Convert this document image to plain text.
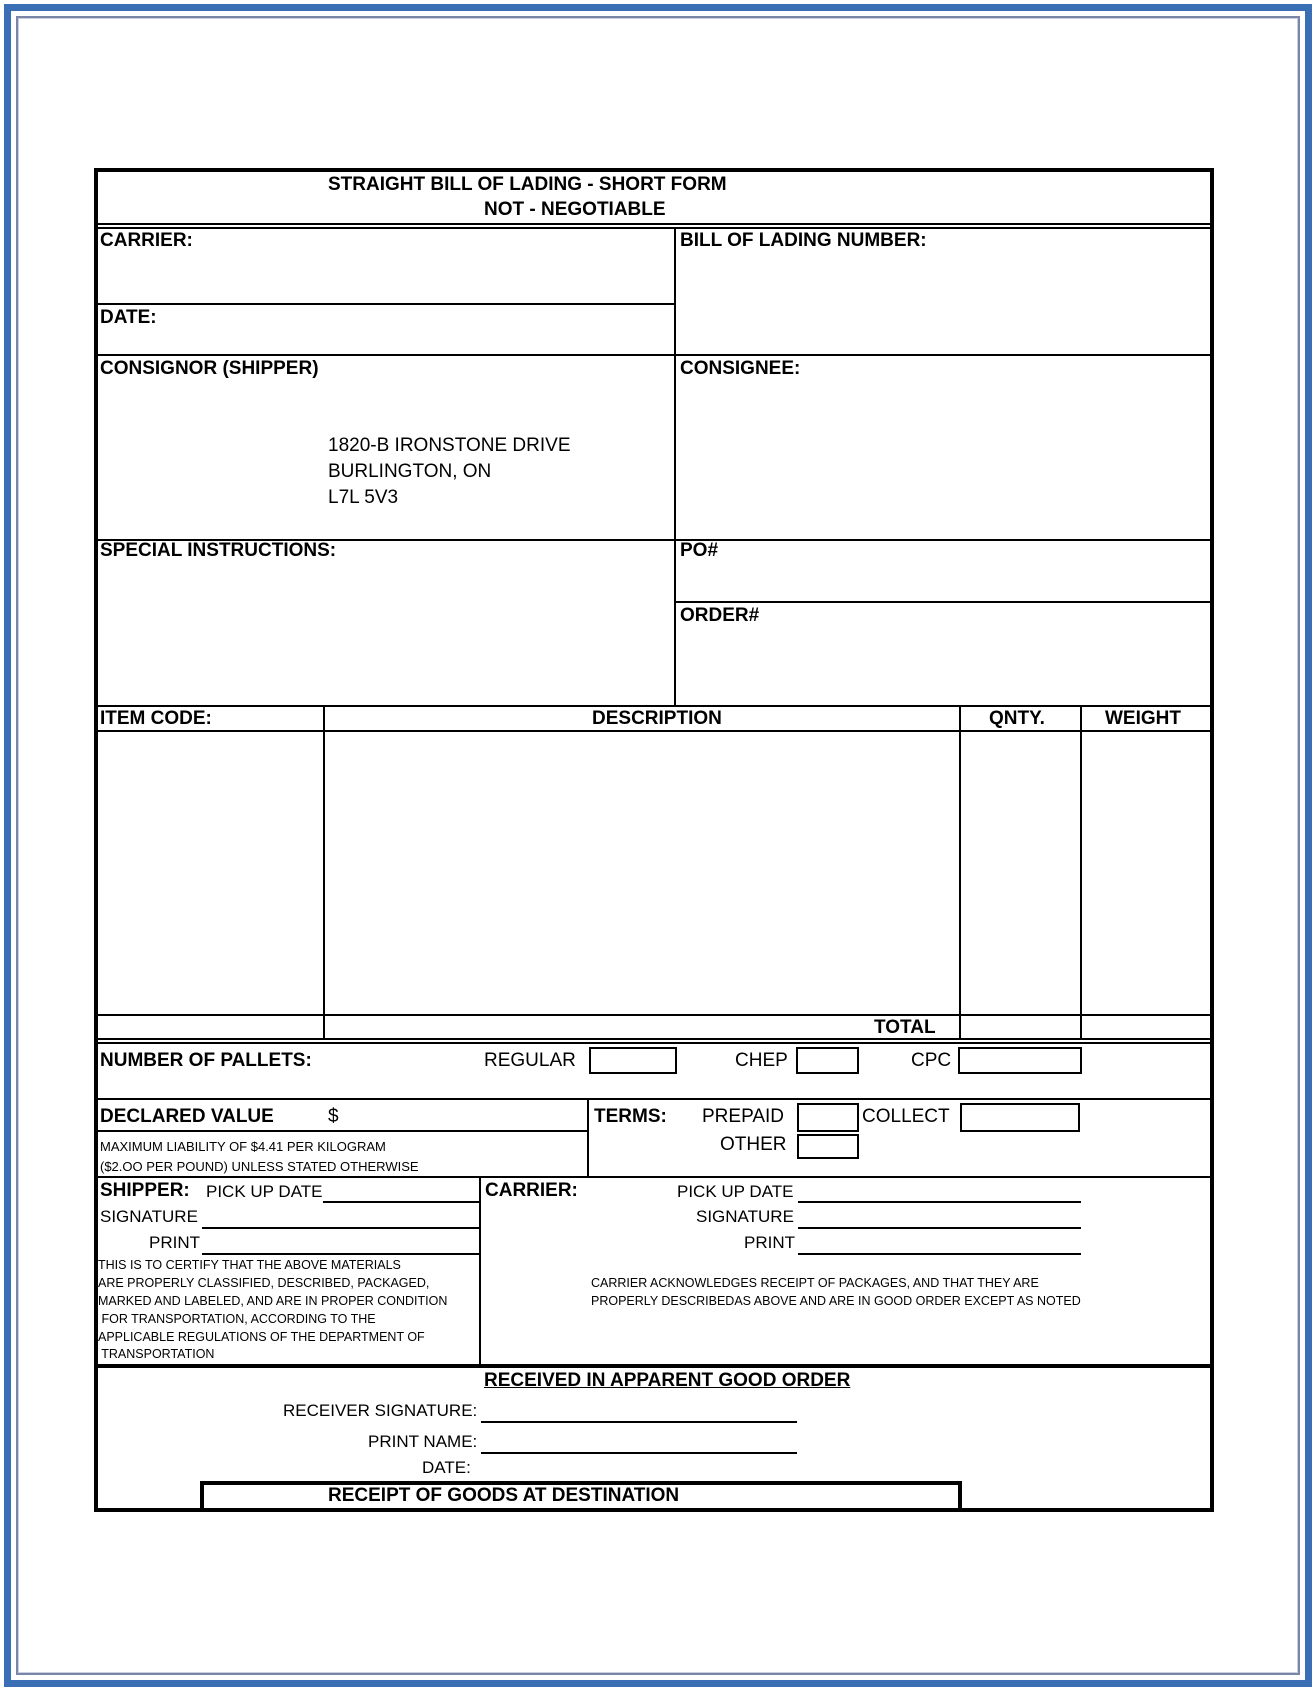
STRAIGHT BILL OF LADING - SHORT FORM
NOT - NEGOTIABLE
CARRIER:	BILL OF LADING NUMBER:
DATE:
CONSIGNOR (SHIPPER)
1820-B IRONSTONE DRIVE
BURLINGTON, ON
L7L 5V3
CONSIGNEE:
SPECIAL INSTRUCTIONS:	PO#
ORDER#
ITEM CODE:	DESCRIPTION	QNTY.	WEIGHT
TOTAL
NUMBER OF PALLETS:	REGULAR	CHEP	CPC
DECLARED VALUE	$
MAXIMUM LIABILITY OF $4.41 PER KILOGRAM
($2.OO PER POUND) UNLESS STATED OTHERWISE
TERMS: PREPAID	COLLECT
OTHER
SHIPPER: PICK UP DATE
SIGNATURE
PRINT
THIS IS TO CERTIFY THAT THE ABOVE MATERIALS
ARE PROPERLY CLASSIFIED, DESCRIBED, PACKAGED,
MARKED AND LABELED, AND ARE IN PROPER CONDITION
FOR TRANSPORTATION, ACCORDING TO THE
APPLICABLE REGULATIONS OF THE DEPARTMENT OF
TRANSPORTATION
CARRIER:	PICK UP DATE
SIGNATURE
PRINT
CARRIER ACKNOWLEDGES RECEIPT OF PACKAGES, AND THAT THEY ARE
PROPERLY DESCRIBEDAS ABOVE AND ARE IN GOOD ORDER EXCEPT AS NOTED
RECEIVED IN APPARENT GOOD ORDER
RECEIVER SIGNATURE:
PRINT NAME:
DATE:
RECEIPT OF GOODS AT DESTINATION
